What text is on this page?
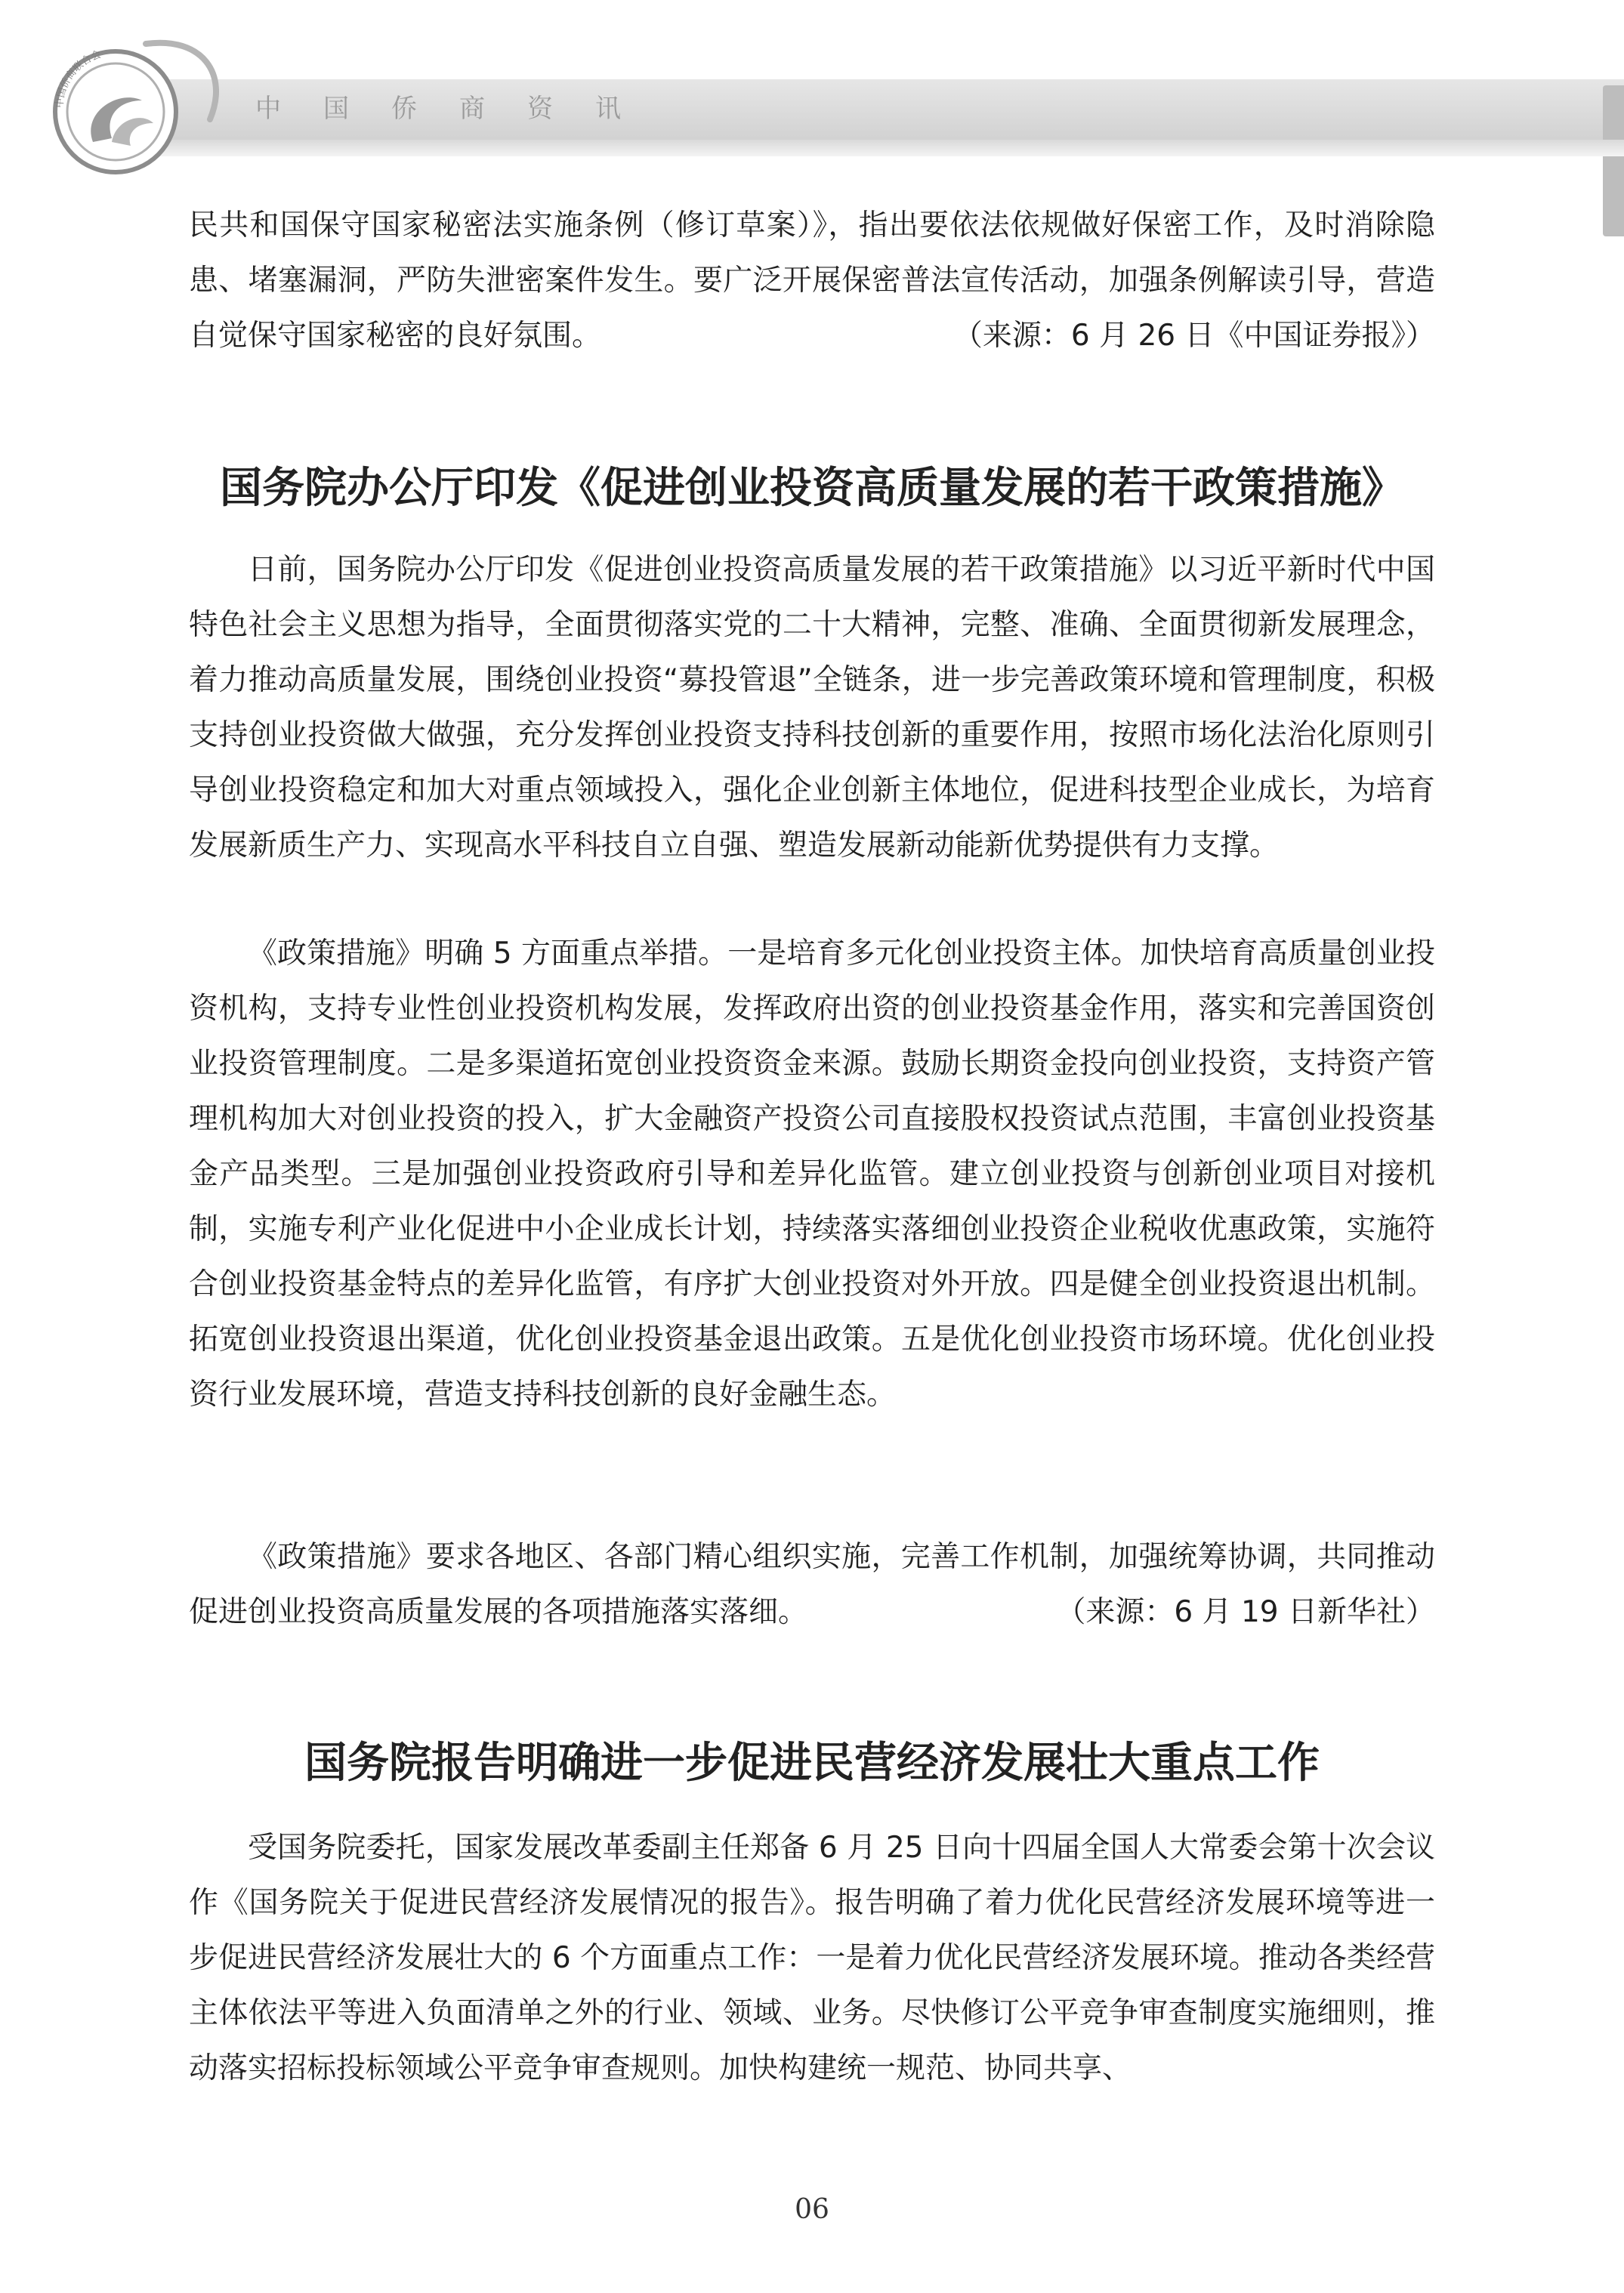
中国侨商资讯
中国侨商联合会

民共和国保守国家秘密法实施条例（修订草案）》，指出要依法依规做好保密工作，及时消除隐患、堵塞漏洞，严防失泄密案件发生。要广泛开展保密普法宣传活动，加强条例解读引导，营造自觉保守国家秘密的良好氛围。	（来源：6 月 26 日《中国证券报》）

国务院办公厅印发《促进创业投资高质量发展的若干政策措施》

日前，国务院办公厅印发《促进创业投资高质量发展的若干政策措施》以习近平新时代中国特色社会主义思想为指导，全面贯彻落实党的二十大精神，完整、准确、全面贯彻新发展理念，着力推动高质量发展，围绕创业投资“募投管退”全链条，进一步完善政策环境和管理制度，积极支持创业投资做大做强，充分发挥创业投资支持科技创新的重要作用，按照市场化法治化原则引导创业投资稳定和加大对重点领域投入，强化企业创新主体地位，促进科技型企业成长，为培育发展新质生产力、实现高水平科技自立自强、塑造发展新动能新优势提供有力支撑。

《政策措施》明确 5 方面重点举措。一是培育多元化创业投资主体。加快培育高质量创业投资机构，支持专业性创业投资机构发展，发挥政府出资的创业投资基金作用，落实和完善国资创业投资管理制度。二是多渠道拓宽创业投资资金来源。鼓励长期资金投向创业投资，支持资产管理机构加大对创业投资的投入，扩大金融资产投资公司直接股权投资试点范围，丰富创业投资基金产品类型。三是加强创业投资政府引导和差异化监管。建立创业投资与创新创业项目对接机制，实施专利产业化促进中小企业成长计划，持续落实落细创业投资企业税收优惠政策，实施符合创业投资基金特点的差异化监管，有序扩大创业投资对外开放。四是健全创业投资退出机制。拓宽创业投资退出渠道，优化创业投资基金退出政策。五是优化创业投资市场环境。优化创业投资行业发展环境，营造支持科技创新的良好金融生态。

《政策措施》要求各地区、各部门精心组织实施，完善工作机制，加强统筹协调，共同推动促进创业投资高质量发展的各项措施落实落细。	（来源：6 月 19 日新华社）

国务院报告明确进一步促进民营经济发展壮大重点工作

受国务院委托，国家发展改革委副主任郑备 6 月 25 日向十四届全国人大常委会第十次会议作《国务院关于促进民营经济发展情况的报告》。报告明确了着力优化民营经济发展环境等进一步促进民营经济发展壮大的 6 个方面重点工作：一是着力优化民营经济发展环境。推动各类经营主体依法平等进入负面清单之外的行业、领域、业务。尽快修订公平竞争审查制度实施细则，推动落实招标投标领域公平竞争审查规则。加快构建统一规范、协同共享、

06
